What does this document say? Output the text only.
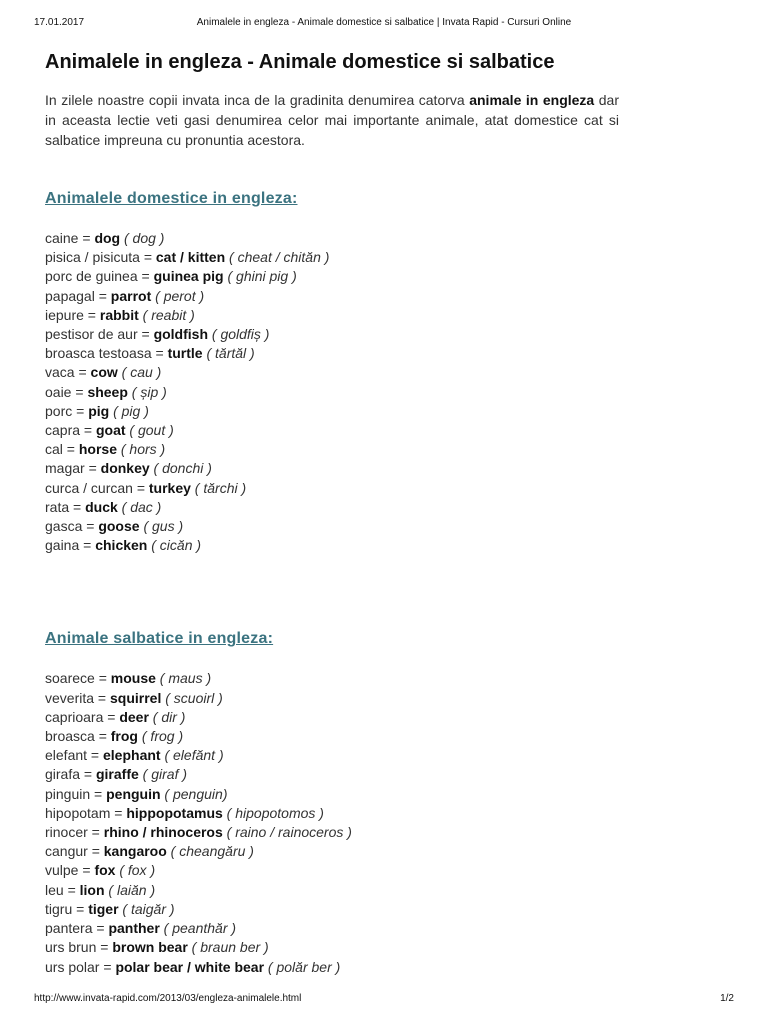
17.01.2017	Animalele in engleza - Animale domestice si salbatice | Invata Rapid - Cursuri Online
Animalele in engleza - Animale domestice si salbatice

In zilele noastre copii invata inca de la gradinita denumirea catorva animale in engleza dar in aceasta lectie veti gasi denumirea celor mai importante animale, atat domestice cat si salbatice impreuna cu pronuntia acestora.

Animalele domestice in engleza:
caine = dog ( dog )
pisica / pisicuta = cat / kitten ( cheat / chităn )
porc de guinea = guinea pig ( ghini pig )
papagal = parrot ( perot )
iepure = rabbit ( reabit )
pestisor de aur = goldfish ( goldfiș )
broasca testoasa = turtle ( tărtăl )
vaca = cow ( cau )
oaie = sheep ( șip )
porc = pig ( pig )
capra = goat ( gout )
cal = horse ( hors )
magar = donkey ( donchi )
curca / curcan = turkey ( tărchi )
rata = duck ( dac )
gasca = goose ( gus )
gaina = chicken ( cicăn )
Animale salbatice in engleza:
soarece = mouse ( maus )
veverita = squirrel ( scuoirl )
caprioara = deer ( dir )
broasca = frog ( frog )
elefant = elephant ( elefănt )
girafa = giraffe ( giraf )
pinguin = penguin ( penguin)
hipopotam = hippopotamus ( hipopotomos )
rinocer = rhino / rhinoceros ( raino / rainoceros )
cangur = kangaroo ( cheangăru )
vulpe = fox ( fox )
leu = lion ( laiăn )
tigru = tiger ( taigăr )
pantera = panther ( peanthăr )
urs brun = brown bear ( braun ber )
urs polar = polar bear / white bear ( polăr ber )
http://www.invata-rapid.com/2013/03/engleza-animalele.html	1/2
